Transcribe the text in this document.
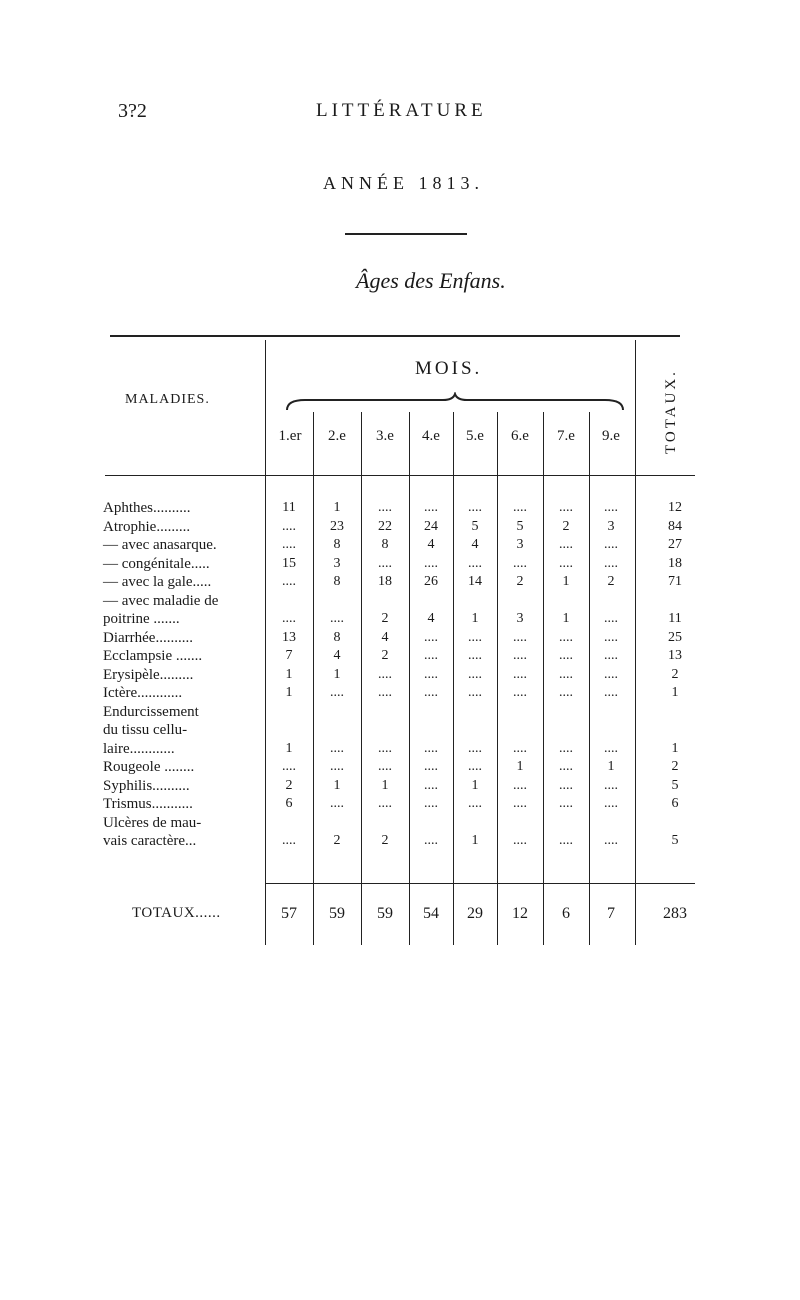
3?2	LITTÉRATURE
ANNÉE 1813.
Âges des Enfans.
MALADIES.
MOIS.
TOTAUX.
1.er	2.e	3.e	4.e	5.e	6.e	7.e	9.e
Aphthes..........	11	1	....	....	....	....	....	....	12
Atrophie.........	....	23	22	24	5	5	2	3	84
— avec anasarque.	....	8	8	4	4	3	....	....	27
— congénitale.....	15	3	....	....	....	....	....	....	18
— avec la gale.....	....	8	18	26	14	2	1	2	71
— avec maladie de
poitrine .......	....	....	2	4	1	3	1	....	11
Diarrhée..........	13	8	4	....	....	....	....	....	25
Ecclampsie .......	7	4	2	....	....	....	....	....	13
Erysipèle.........	1	1	....	....	....	....	....	....	2
Ictère............	1	....	....	....	....	....	....	....	1
Endurcissement
du tissu cellu-
laire............	1	....	....	....	....	....	....	....	1
Rougeole ........	....	....	....	....	....	1	....	1	2
Syphilis..........	2	1	1	....	1	....	....	....	5
Trismus...........	6	....	....	....	....	....	....	....	6
Ulcères de mau-
vais caractère...	....	2	2	....	1	....	....	....	5
TOTAUX......	57	59	59	54	29	12	6	7	283
